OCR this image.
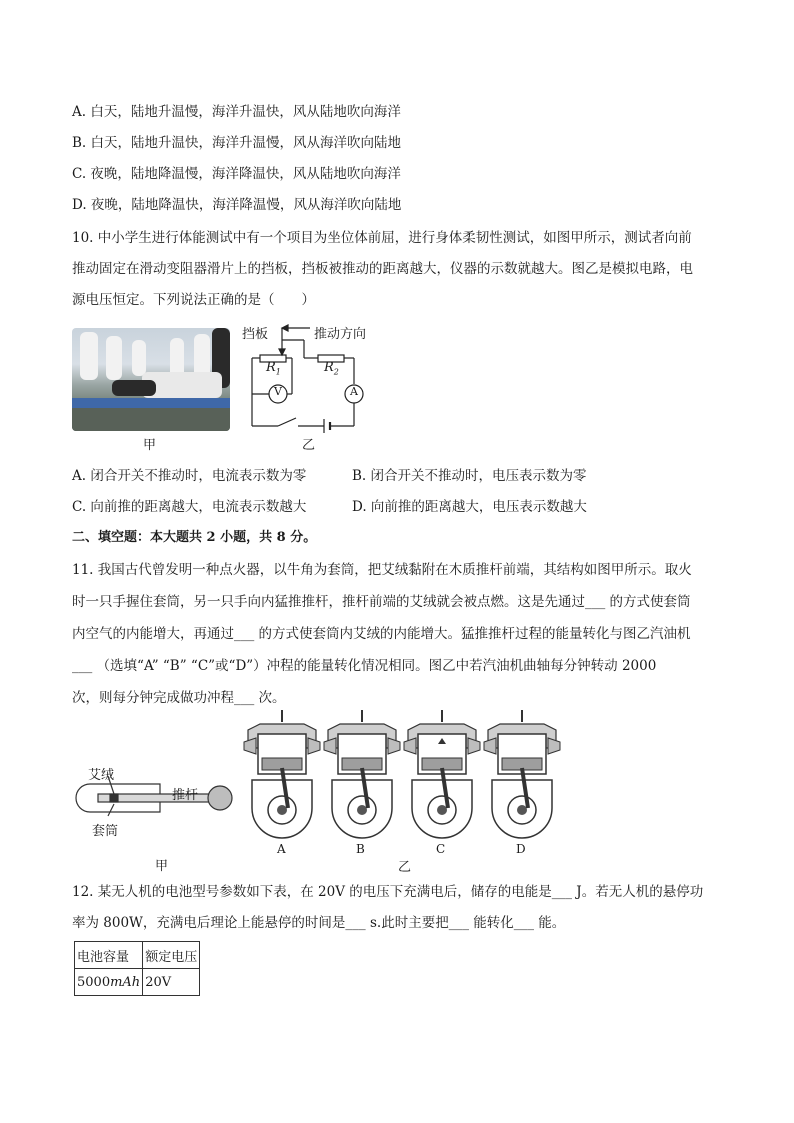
A. 白天，陆地升温慢，海洋升温快，风从陆地吹向海洋
B. 白天，陆地升温快，海洋升温慢，风从海洋吹向陆地
C. 夜晚，陆地降温慢，海洋降温快，风从陆地吹向海洋
D. 夜晚，陆地降温快，海洋降温慢，风从海洋吹向陆地
10. 中小学生进行体能测试中有一个项目为坐位体前屈，进行身体柔韧性测试，如图甲所示，测试者向前
推动固定在滑动变阻器滑片上的挡板，挡板被推动的距离越大，仪器的示数就越大。图乙是模拟电路，电
源电压恒定。下列说法正确的是（　　）
甲
挡板	推动方向
$R_1$	$R_2$
V	A
乙
A. 闭合开关不推动时，电流表示数为零	B. 闭合开关不推动时，电压表示数为零
C. 向前推的距离越大，电流表示数越大	D. 向前推的距离越大，电压表示数越大
二、填空题：本大题共 2 小题，共 8 分。
11. 我国古代曾发明一种点火器，以牛角为套筒，把艾绒黏附在木质推杆前端，其结构如图甲所示。取火
时一只手握住套筒，另一只手向内猛推推杆，推杆前端的艾绒就会被点燃。这是先通过___ 的方式使套筒
内空气的内能增大，再通过___ 的方式使套筒内艾绒的内能增大。猛推推杆过程的能量转化与图乙汽油机
___ （选填“A” “B” “C”或“D”）冲程的能量转化情况相同。图乙中若汽油机曲轴每分钟转动 2000
次，则每分钟完成做功冲程___ 次。
艾绒
推杆
套筒
甲
A	B	C	D
乙
12. 某无人机的电池型号参数如下表，在 20V 的电压下充满电后，储存的电能是___ J。若无人机的悬停功
率为 800W，充满电后理论上能悬停的时间是___ s.此时主要把___ 能转化___ 能。
电池容量	额定电压
5000mAh	20V
